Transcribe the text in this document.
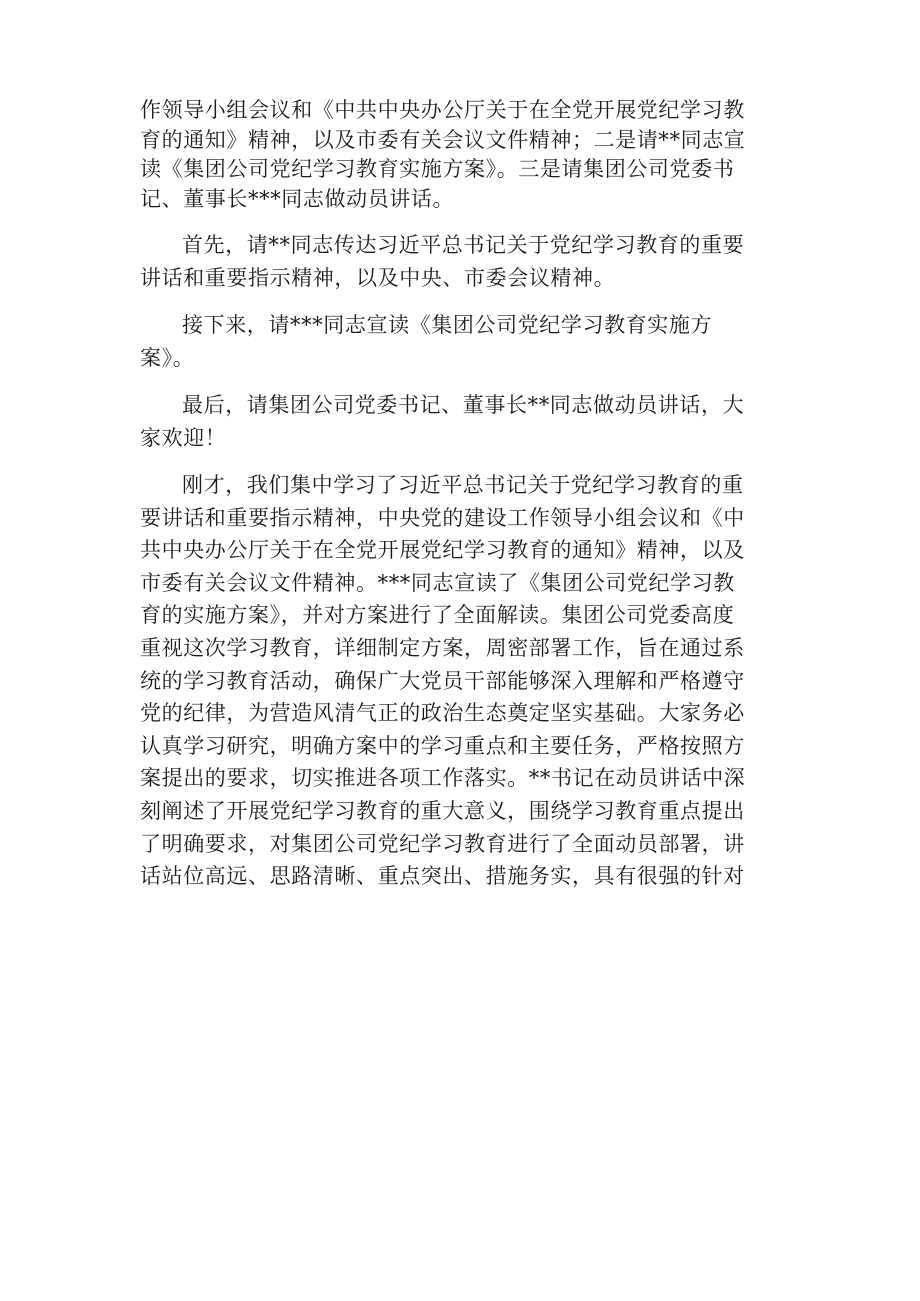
作领导小组会议和《中共中央办公厅关于在全党开展党纪学习教
育的通知》精神，以及市委有关会议文件精神；二是请**同志宣
读《集团公司党纪学习教育实施方案》。三是请集团公司党委书
记、董事长***同志做动员讲话。

首先，请**同志传达习近平总书记关于党纪学习教育的重要
讲话和重要指示精神，以及中央、市委会议精神。

接下来，请***同志宣读《集团公司党纪学习教育实施方
案》。

最后，请集团公司党委书记、董事长**同志做动员讲话，大
家欢迎！

刚才，我们集中学习了习近平总书记关于党纪学习教育的重
要讲话和重要指示精神，中央党的建设工作领导小组会议和《中
共中央办公厅关于在全党开展党纪学习教育的通知》精神，以及
市委有关会议文件精神。***同志宣读了《集团公司党纪学习教
育的实施方案》，并对方案进行了全面解读。集团公司党委高度
重视这次学习教育，详细制定方案，周密部署工作，旨在通过系
统的学习教育活动，确保广大党员干部能够深入理解和严格遵守
党的纪律，为营造风清气正的政治生态奠定坚实基础。大家务必
认真学习研究，明确方案中的学习重点和主要任务，严格按照方
案提出的要求，切实推进各项工作落实。**书记在动员讲话中深
刻阐述了开展党纪学习教育的重大意义，围绕学习教育重点提出
了明确要求，对集团公司党纪学习教育进行了全面动员部署，讲
话站位高远、思路清晰、重点突出、措施务实，具有很强的针对
